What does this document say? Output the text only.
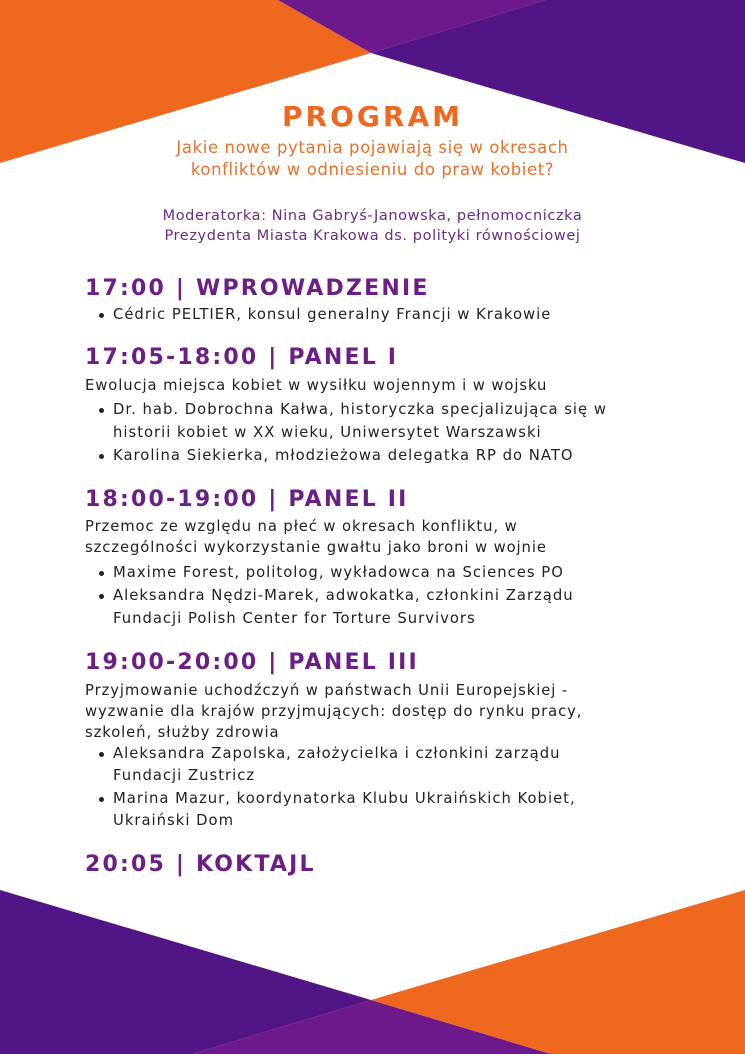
PROGRAM
Jakie nowe pytania pojawiają się w okresach
konfliktów w odniesieniu do praw kobiet?
Moderatorka: Nina Gabryś-Janowska, pełnomocniczka
Prezydenta Miasta Krakowa ds. polityki równościowej
17:00 | WPROWADZENIE
Cédric PELTIER, konsul generalny Francji w Krakowie
17:05-18:00 | PANEL I
Ewolucja miejsca kobiet w wysiłku wojennym i w wojsku
Dr. hab. Dobrochna Kałwa, historyczka specjalizująca się w
historii kobiet w XX wieku, Uniwersytet Warszawski
Karolina Siekierka, młodzieżowa delegatka RP do NATO
18:00-19:00 | PANEL II
Przemoc ze względu na płeć w okresach konfliktu, w
szczególności wykorzystanie gwałtu jako broni w wojnie
Maxime Forest, politolog, wykładowca na Sciences PO
Aleksandra Nędzi-Marek, adwokatka, członkini Zarządu
Fundacji Polish Center for Torture Survivors
19:00-20:00 | PANEL III
Przyjmowanie uchodźczyń w państwach Unii Europejskiej -
wyzwanie dla krajów przyjmujących: dostęp do rynku pracy,
szkoleń, służby zdrowia
Aleksandra Zapolska, założycielka i członkini zarządu
Fundacji Zustricz
Marina Mazur, koordynatorka Klubu Ukraińskich Kobiet,
Ukraiński Dom
20:05 | KOKTAJL
